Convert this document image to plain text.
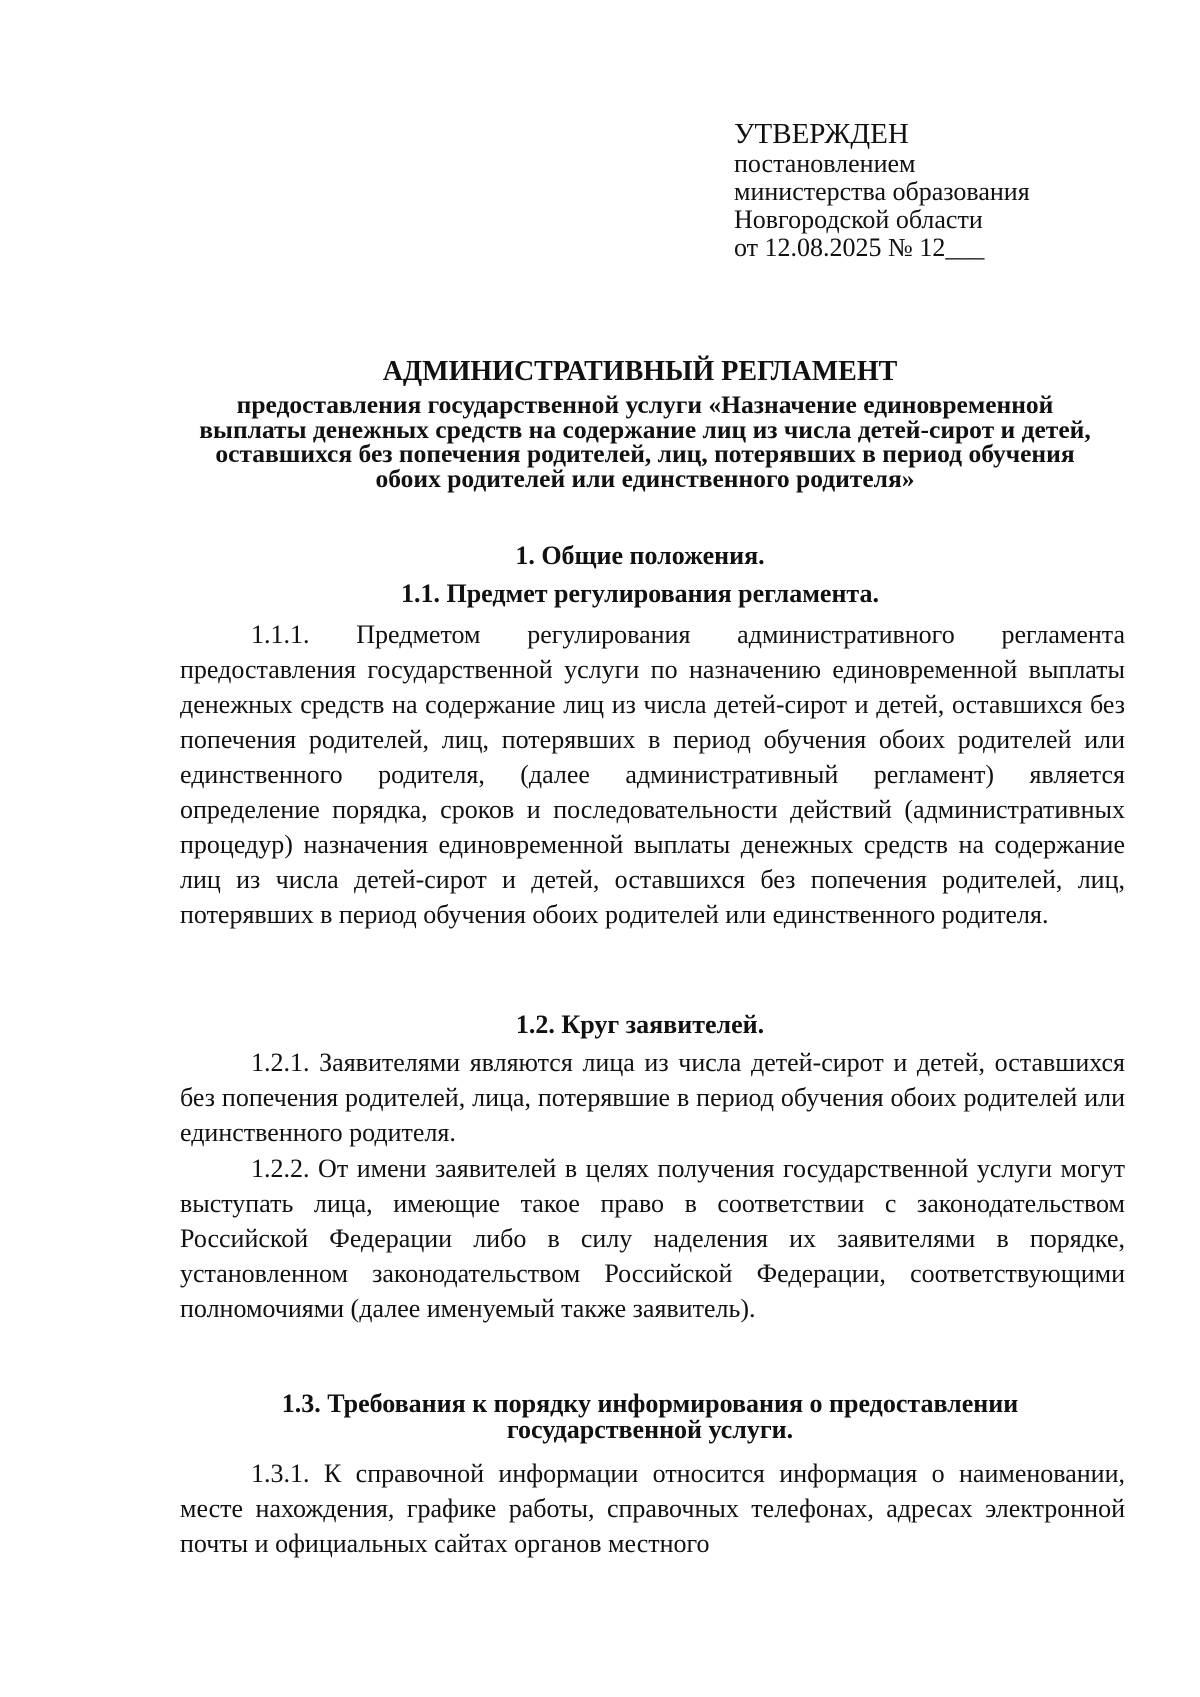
УТВЕРЖДЕН
постановлением
министерства образования
Новгородской области
от 12.08.2025 № 12___
АДМИНИСТРАТИВНЫЙ РЕГЛАМЕНТ
предоставления государственной услуги «Назначение единовременной выплаты денежных средств на содержание лиц из числа детей-сирот и детей, оставшихся без попечения родителей, лиц, потерявших в период обучения обоих родителей или единственного родителя»
1. Общие положения.
1.1. Предмет регулирования регламента.
1.1.1. Предметом регулирования административного регламента предоставления государственной услуги по назначению единовременной выплаты денежных средств на содержание лиц из числа детей-сирот и детей, оставшихся без попечения родителей, лиц, потерявших в период обучения обоих родителей или единственного родителя, (далее административный регламент) является определение порядка, сроков и последовательности действий (административных процедур) назначения единовременной выплаты денежных средств на содержание лиц из числа детей-сирот и детей, оставшихся без попечения родителей, лиц, потерявших в период обучения обоих родителей или единственного родителя.
1.2. Круг заявителей.
1.2.1. Заявителями являются лица из числа детей-сирот и детей, оставшихся без попечения родителей, лица, потерявшие в период обучения обоих родителей или единственного родителя.
1.2.2. От имени заявителей в целях получения государственной услуги могут выступать лица, имеющие такое право в соответствии с законодательством Российской Федерации либо в силу наделения их заявителями в порядке, установленном законодательством Российской Федерации, соответствующими полномочиями (далее именуемый также заявитель).
1.3. Требования к порядку информирования о предоставлении государственной услуги.
1.3.1. К справочной информации относится информация о наименовании, месте нахождения, графике работы, справочных телефонах, адресах электронной почты и официальных сайтах органов местного
